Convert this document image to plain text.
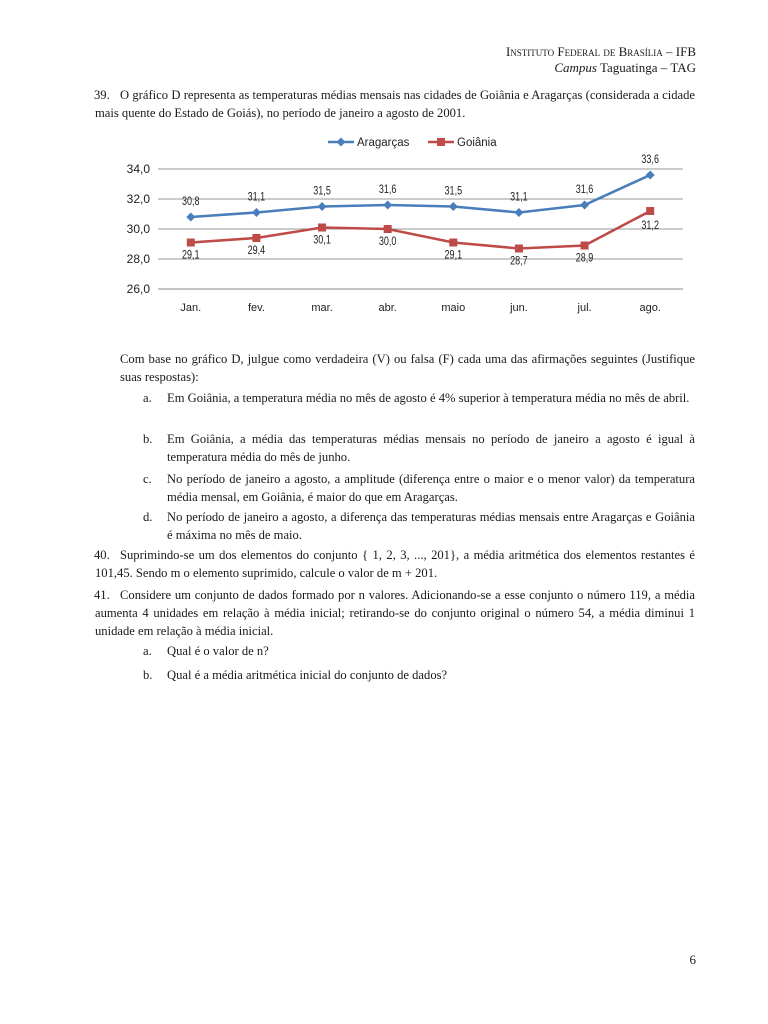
Instituto Federal de Brasília – IFB
Campus Taguatinga – TAG
39. O gráfico D representa as temperaturas médias mensais nas cidades de Goiânia e Aragarças (considerada a cidade mais quente do Estado de Goiás), no período de janeiro a agosto de 2001.
26,0
28,0
30,0
32,0
34,0
Jan.	fev.	mar.	abr.	maio	jun.	jul.	ago.
30,8	31,1	31,5	31,6	31,5	31,1
31,6
33,6
29,1	29,4
30,1	30,0
29,1	28,7	28,9
31,2
Aragarças	Goiânia
Com base no gráfico D, julgue como verdadeira (V) ou falsa (F) cada uma das afirmações seguintes (Justifique suas respostas):
a. Em Goiânia, a temperatura média no mês de agosto é 4% superior à temperatura média no mês de abril.
b. Em Goiânia, a média das temperaturas médias mensais no período de janeiro a agosto é igual à temperatura média do mês de junho.
c. No período de janeiro a agosto, a amplitude (diferença entre o maior e o menor valor) da temperatura média mensal, em Goiânia, é maior do que em Aragarças.
d. No período de janeiro a agosto, a diferença das temperaturas médias mensais entre Aragarças e Goiânia é máxima no mês de maio.
40. Suprimindo-se um dos elementos do conjunto { 1, 2, 3, ..., 201}, a média aritmética dos elementos restantes é 101,45. Sendo m o elemento suprimido, calcule o valor de m + 201.
41. Considere um conjunto de dados formado por n valores. Adicionando-se a esse conjunto o número 119, a média aumenta 4 unidades em relação à média inicial; retirando-se do conjunto original o número 54, a média diminui 1 unidade em relação à média inicial.
a. Qual é o valor de n?
b. Qual é a média aritmética inicial do conjunto de dados?
6
